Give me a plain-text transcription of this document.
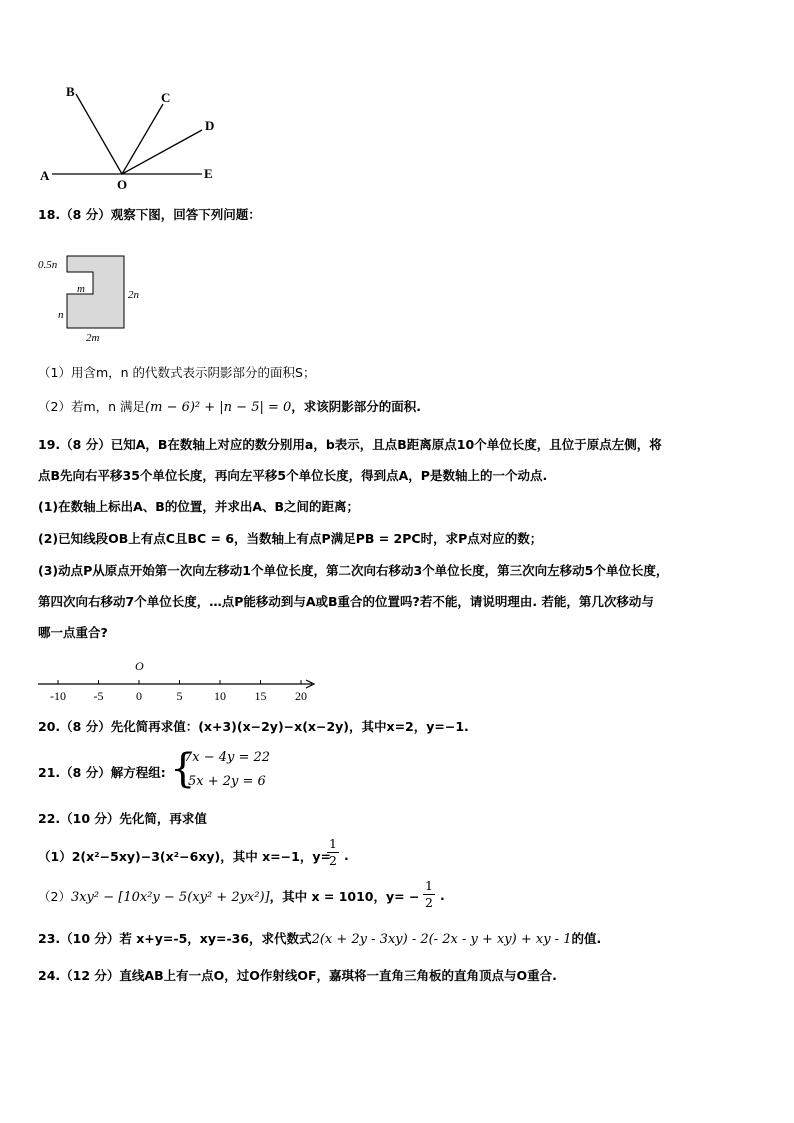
A
B	C
D
E
O
18.（8 分）观察下图，回答下列问题：
0.5n
m	2n
n
2m
（1）用含m，n 的代数式表示阴影部分的面积S；
（2）若m，n 满足(m − 6)² + |n − 5| = 0，求该阴影部分的面积.
19.（8 分）已知A，B在数轴上对应的数分别用a，b表示，且点B距离原点10个单位长度，且位于原点左侧，将
点B先向右平移35个单位长度，再向左平移5个单位长度，得到点A，P是数轴上的一个动点.
(1)在数轴上标出A、B的位置，并求出A、B之间的距离；
(2)已知线段OB上有点C且BC = 6，当数轴上有点P满足PB = 2PC时，求P点对应的数；
(3)动点P从原点开始第一次向左移动1个单位长度，第二次向右移动3个单位长度，第三次向左移动5个单位长度，
第四次向右移动7个单位长度，…点P能移动到与A或B重合的位置吗?若不能，请说明理由. 若能，第几次移动与
哪一点重合?
O
-10 -5	0	5	10 15 20
20.（8 分）先化简再求值：(x+3)(x−2y)−x(x−2y)，其中x=2，y=−1.
21.（8 分）解方程组: {
7x − 4y = 22
5x + 2y = 6
22.（10 分）先化简，再求值
（1）2(x²−5xy)−3(x²−6xy)，其中 x=−1，y=
$\frac{1}{2}$ .
（2）3xy² − [10x²y − 5(xy² + 2yx²)]，其中 x = 1010，$y= - \frac{1}{2}$ .
23.（10 分）若 x+y=-5，xy=-36，求代数式2(x + 2y - 3xy) - 2(- 2x - y + xy) + xy - 1的值.
24.（12 分）直线AB上有一点O，过O作射线OF，嘉琪将一直角三角板的直角顶点与O重合.
